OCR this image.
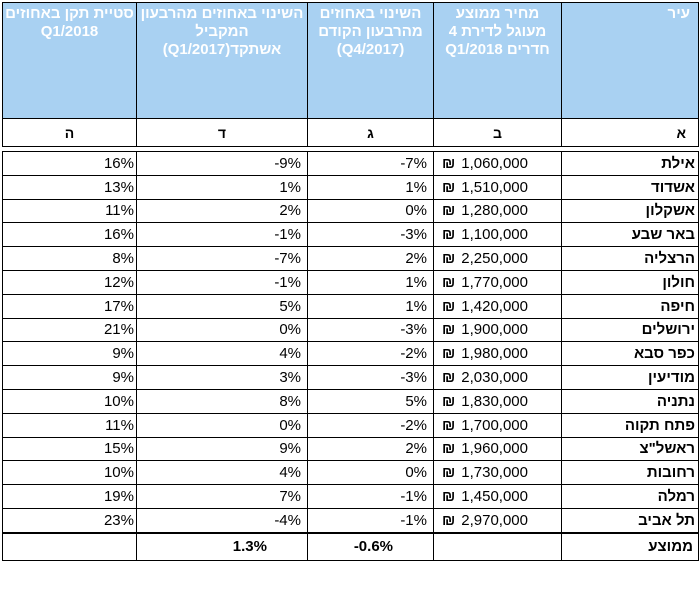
עיר	מחיר ממוצע מעוגל לדירת 4 חדרים Q1/2018	השינוי באחוזים מהרבעון הקודם (Q4/2017)	השינוי באחוזים מהרבעון המקביל אשתקד(Q1/2017)	סטיית תקן באחוזים Q1/2018
א	ב	ג	ד	ה

אילת	₪ 1,060,000	-7%	-9%	16%
אשדוד	₪ 1,510,000	1%	1%	13%
אשקלון	₪ 1,280,000	0%	2%	11%
באר שבע	₪ 1,100,000	-3%	-1%	16%
הרצליה	₪ 2,250,000	2%	-7%	8%
חולון	₪ 1,770,000	1%	-1%	12%
חיפה	₪ 1,420,000	1%	5%	17%
ירושלים	₪ 1,900,000	-3%	0%	21%
כפר סבא	₪ 1,980,000	-2%	4%	9%
מודיעין	₪ 2,030,000	-3%	3%	9%
נתניה	₪ 1,830,000	5%	8%	10%
פתח תקוה	₪ 1,700,000	-2%	0%	11%
ראשל"צ	₪ 1,960,000	2%	9%	15%
רחובות	₪ 1,730,000	0%	4%	10%
רמלה	₪ 1,450,000	-1%	7%	19%
תל אביב	₪ 2,970,000	-1%	-4%	23%
ממוצע		-0.6%	1.3%	
